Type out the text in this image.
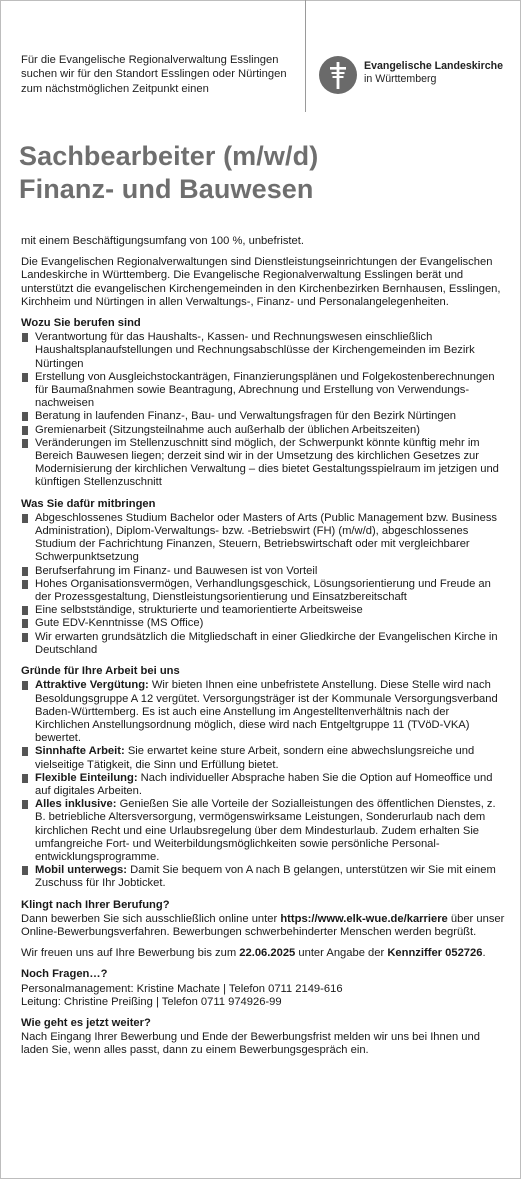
Für die Evangelische Regionalverwaltung Esslingen
suchen wir für den Standort Esslingen oder Nürtingen
zum nächstmöglichen Zeitpunkt einen
Evangelische Landeskirche
in Württemberg
Sachbearbeiter (m/w/d)
Finanz- und Bauwesen

mit einem Beschäftigungsumfang von 100 %, unbefristet.

Die Evangelischen Regionalverwaltungen sind Dienstleistungseinrichtungen der Evangelischen Landeskirche in Württemberg. Die Evangelische Regionalverwaltung Esslingen berät und unterstützt die evangelischen Kirchengemeinden in den Kirchenbezirken Bernhausen, Esslingen, Kirchheim und Nürtingen in allen Verwaltungs-, Finanz- und Personalangelegenheiten.

Wozu Sie berufen sind
Verantwortung für das Haushalts-, Kassen- und Rechnungswesen einschließlich Haushaltsplanaufstellungen und Rechnungsabschlüsse der Kirchengemeinden im Bezirk Nürtingen
Erstellung von Ausgleichstockanträgen, Finanzierungsplänen und Folgekostenberechnungen für Baumaßnahmen sowie Beantragung, Abrechnung und Erstellung von Verwendungsnachweisen
Beratung in laufenden Finanz-, Bau- und Verwaltungsfragen für den Bezirk Nürtingen
Gremienarbeit (Sitzungsteilnahme auch außerhalb der üblichen Arbeitszeiten)
Veränderungen im Stellenzuschnitt sind möglich, der Schwerpunkt könnte künftig mehr im Bereich Bauwesen liegen; derzeit sind wir in der Umsetzung des kirchlichen Gesetzes zur Modernisierung der kirchlichen Verwaltung – dies bietet Gestaltungsspielraum im jetzigen und künftigen Stellenzuschnitt
Was Sie dafür mitbringen
Abgeschlossenes Studium Bachelor oder Masters of Arts (Public Management bzw. Business Administration), Diplom-Verwaltungs- bzw. -Betriebswirt (FH) (m/w/d), abgeschlossenes Studium der Fachrichtung Finanzen, Steuern, Betriebswirtschaft oder mit vergleichbarer Schwerpunktsetzung
Berufserfahrung im Finanz- und Bauwesen ist von Vorteil
Hohes Organisationsvermögen, Verhandlungsgeschick, Lösungsorientierung und Freude an der Prozessgestaltung, Dienstleistungsorientierung und Einsatzbereitschaft
Eine selbstständige, strukturierte und teamorientierte Arbeitsweise
Gute EDV-Kenntnisse (MS Office)
Wir erwarten grundsätzlich die Mitgliedschaft in einer Gliedkirche der Evangelischen Kirche in Deutschland
Gründe für Ihre Arbeit bei uns
Attraktive Vergütung: Wir bieten Ihnen eine unbefristete Anstellung. Diese Stelle wird nach Besoldungsgruppe A 12 vergütet. Versorgungsträger ist der Kommunale Versorgungsverband Baden-Württemberg. Es ist auch eine Anstellung im Angestelltenverhältnis nach der Kirchlichen Anstellungsordnung möglich, diese wird nach Entgeltgruppe 11 (TVöD-VKA) bewertet.
Sinnhafte Arbeit: Sie erwartet keine sture Arbeit, sondern eine abwechslungsreiche und vielseitige Tätigkeit, die Sinn und Erfüllung bietet.
Flexible Einteilung: Nach individueller Absprache haben Sie die Option auf Homeoffice und auf digitales Arbeiten.
Alles inklusive: Genießen Sie alle Vorteile der Sozialleistungen des öffentlichen Dienstes, z. B. betriebliche Altersversorgung, vermögenswirksame Leistungen, Sonderurlaub nach dem kirchlichen Recht und eine Urlaubsregelung über dem Mindesturlaub. Zudem erhalten Sie umfangreiche Fort- und Weiterbildungsmöglichkeiten sowie persönliche Personalentwicklungsprogramme.
Mobil unterwegs: Damit Sie bequem von A nach B gelangen, unterstützen wir Sie mit einem Zuschuss für Ihr Jobticket.
Klingt nach Ihrer Berufung?

Dann bewerben Sie sich ausschließlich online unter https://www.elk-wue.de/karriere über unser Online-Bewerbungsverfahren. Bewerbungen schwerbehinderter Menschen werden begrüßt.

Wir freuen uns auf Ihre Bewerbung bis zum 22.06.2025 unter Angabe der Kennziffer 052726.

Noch Fragen…?

Personalmanagement: Kristine Machate | Telefon 0711 2149-616
Leitung: Christine Preißing | Telefon 0711 974926-99

Wie geht es jetzt weiter?

Nach Eingang Ihrer Bewerbung und Ende der Bewerbungsfrist melden wir uns bei Ihnen und laden Sie, wenn alles passt, dann zu einem Bewerbungsgespräch ein.
